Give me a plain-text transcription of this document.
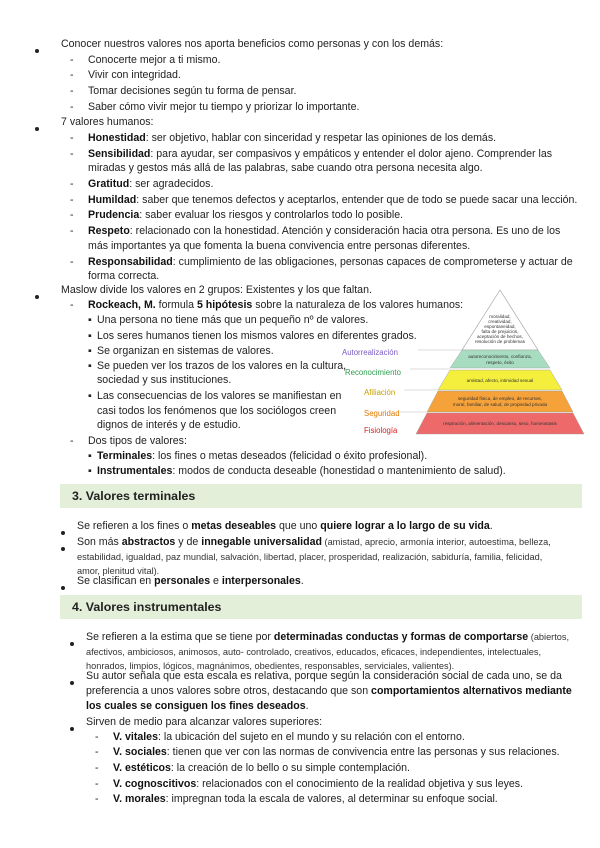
Conocer nuestros valores nos aporta beneficios como personas y con los demás:
- Conocerte mejor a ti mismo.
- Vivir con integridad.
- Tomar decisiones según tu forma de pensar.
- Saber cómo vivir mejor tu tiempo y priorizar lo importante.
7 valores humanos:
- Honestidad: ser objetivo, hablar con sinceridad y respetar las opiniones de los demás.
- Sensibilidad: para ayudar, ser compasivos y empáticos y entender el dolor ajeno. Comprender las
miradas y gestos más allá de las palabras, sabe cuando otra persona necesita algo.
- Gratitud: ser agradecidos.
- Humildad: saber que tenemos defectos y aceptarlos, entender que de todo se puede sacar una lección.
- Prudencia: saber evaluar los riesgos y controlarlos todo lo posible.
- Respeto: relacionado con la honestidad. Atención y consideración hacia otra persona. Es uno de los
más importantes ya que fomenta la buena convivencia entre personas diferentes.
- Responsabilidad: cumplimiento de las obligaciones, personas capaces de comprometerse y actuar de
forma correcta.
Maslow divide los valores en 2 grupos: Existentes y los que faltan.
- Rockeach, M. formula 5 hipótesis sobre la naturaleza de los valores humanos:
▪ Una persona no tiene más que un pequeño nº de valores.
▪ Los seres humanos tienen los mismos valores en diferentes grados.
▪ Se organizan en sistemas de valores.
▪ Se pueden ver los trazos de los valores en la cultura,
sociedad y sus instituciones.
▪ Las consecuencias de los valores se manifiestan en
casi todos los fenómenos que los sociólogos creen
dignos de interés y de estudio.
- Dos tipos de valores:
▪ Terminales: los fines o metas deseados (felicidad o éxito profesional).
▪ Instrumentales: modos de conducta deseable (honestidad o mantenimiento de salud).
moralidad,
creatividad,
espontaneidad,
falta de prejuicios,
aceptación de hechos,
resolución de problemas
autoreconocimiento, confianza,
respeto, éxito
amistad, afecto, intimidad sexual
seguridad física, de empleo, de recursos,
moral, familiar, de salud, de propiedad privada
respiración, alimentación, descanso, sexo, homeostasis
Autorrealización
Reconocimiento
Afiliación
Seguridad
Fisiología
3. Valores terminales
Se refieren a los fines o metas deseables que uno quiere lograr a lo largo de su vida.
Son más abstractos y de innegable universalidad (amistad, aprecio, armonía interior, autoestima, belleza,
estabilidad, igualdad, paz mundial, salvación, libertad, placer, prosperidad, realización, sabiduría, familia, felicidad,
amor, plenitud vital).
Se clasifican en personales e interpersonales.
4. Valores instrumentales
Se refieren a la estima que se tiene por determinadas conductas y formas de comportarse (abiertos,
afectivos, ambiciosos, animosos, auto- controlado, creativos, educados, eficaces, independientes, intelectuales,
honrados, limpios, lógicos, magnánimos, obedientes, responsables, serviciales, valientes).
Su autor señala que esta escala es relativa, porque según la consideración social de cada uno, se da
preferencia a unos valores sobre otros, destacando que son comportamientos alternativos mediante
los cuales se consiguen los fines deseados.
Sirven de medio para alcanzar valores superiores:
- V. vitales: la ubicación del sujeto en el mundo y su relación con el entorno.
- V. sociales: tienen que ver con las normas de convivencia entre las personas y sus relaciones.
- V. estéticos: la creación de lo bello o su simple contemplación.
- V. cognoscitivos: relacionados con el conocimiento de la realidad objetiva y sus leyes.
- V. morales: impregnan toda la escala de valores, al determinar su enfoque social.
